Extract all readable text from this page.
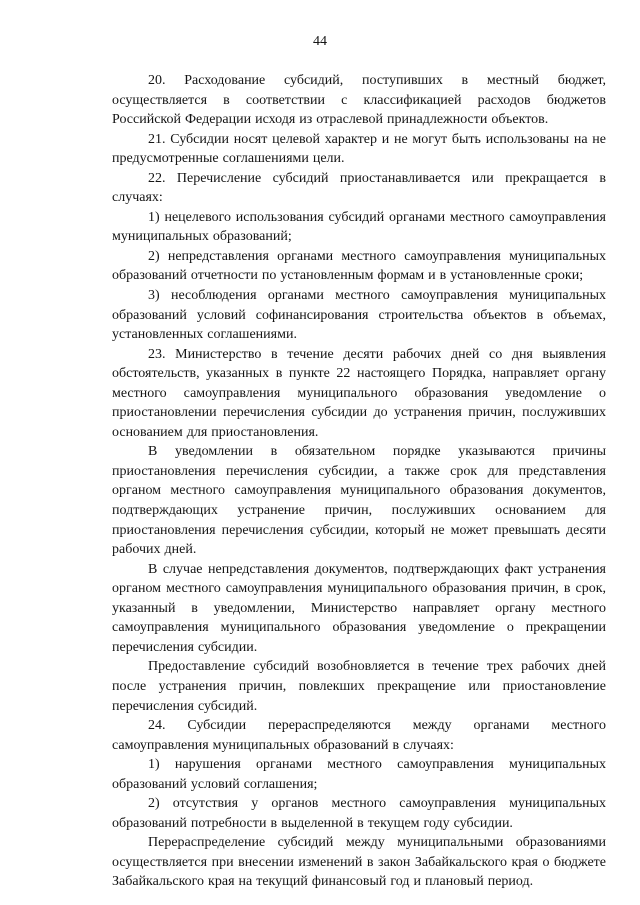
44

20. Расходование субсидий, поступивших в местный бюджет, осуществляется в соответствии с классификацией расходов бюджетов Российской Федерации исходя из отраслевой принадлежности объектов.

21. Субсидии носят целевой характер и не могут быть использованы на не предусмотренные соглашениями цели.

22. Перечисление субсидий приостанавливается или прекращается в случаях:

1) нецелевого использования субсидий органами местного самоуправления муниципальных образований;

2) непредставления органами местного самоуправления муниципальных образований отчетности по установленным формам и в установленные сроки;

3) несоблюдения органами местного самоуправления муниципальных образований условий софинансирования строительства объектов в объемах, установленных соглашениями.

23. Министерство в течение десяти рабочих дней со дня выявления обстоятельств, указанных в пункте 22 настоящего Порядка, направляет органу местного самоуправления муниципального образования уведомление о приостановлении перечисления субсидии до устранения причин, послуживших основанием для приостановления.

В уведомлении в обязательном порядке указываются причины приостановления перечисления субсидии, а также срок для представления органом местного самоуправления муниципального образования документов, подтверждающих устранение причин, послуживших основанием для приостановления перечисления субсидии, который не может превышать десяти рабочих дней.

В случае непредставления документов, подтверждающих факт устранения органом местного самоуправления муниципального образования причин, в срок, указанный в уведомлении, Министерство направляет органу местного самоуправления муниципального образования уведомление о прекращении перечисления субсидии.

Предоставление субсидий возобновляется в течение трех рабочих дней после устранения причин, повлекших прекращение или приостановление перечисления субсидий.

24. Субсидии перераспределяются между органами местного самоуправления муниципальных образований в случаях:

1) нарушения органами местного самоуправления муниципальных образований условий соглашения;

2) отсутствия у органов местного самоуправления муниципальных образований потребности в выделенной в текущем году субсидии.

Перераспределение субсидий между муниципальными образованиями осуществляется при внесении изменений в закон Забайкальского края о бюджете Забайкальского края на текущий финансовый год и плановый период.
